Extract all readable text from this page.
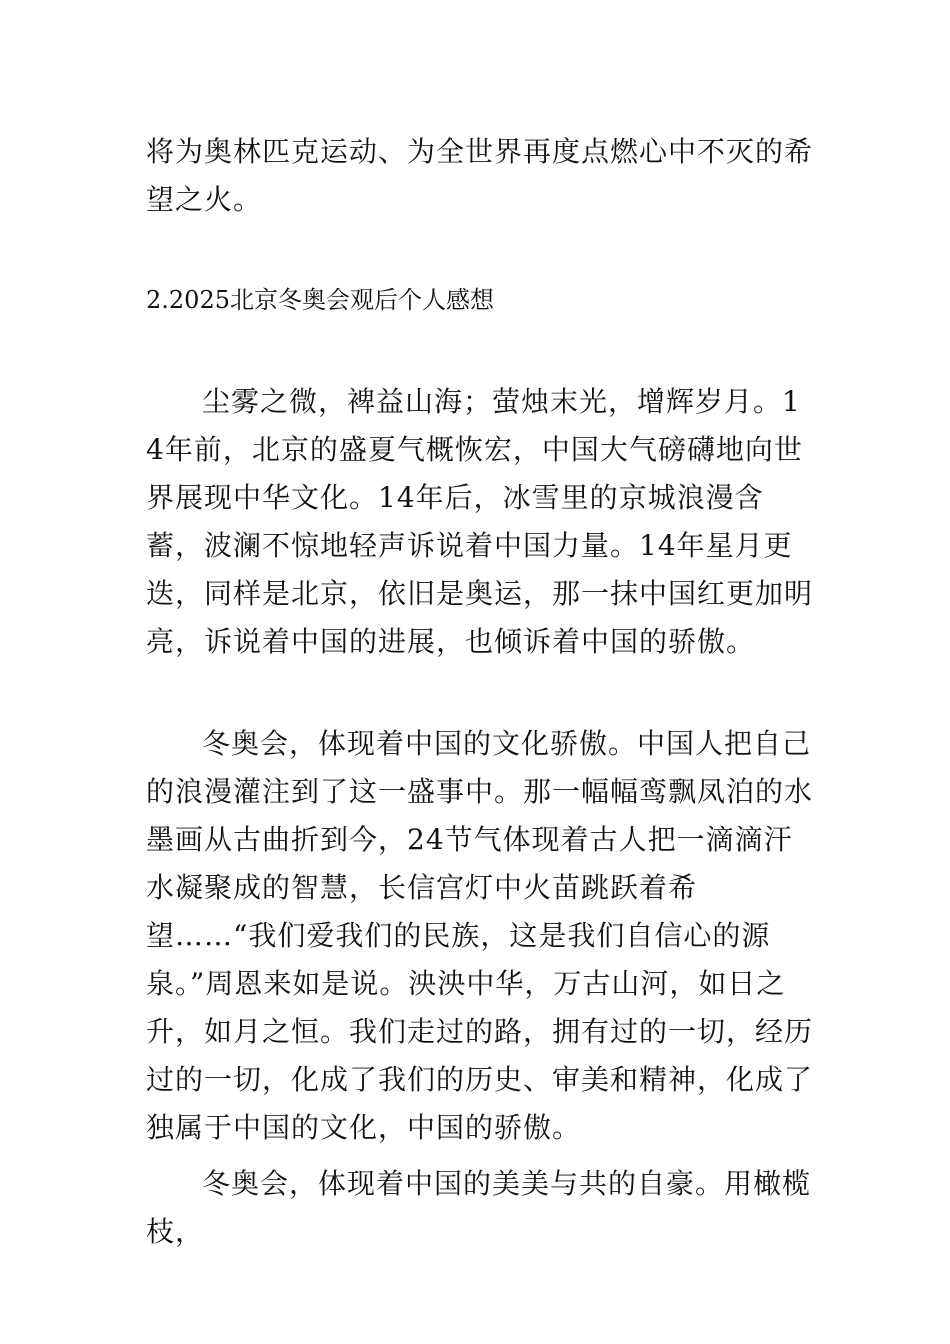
将为奥林匹克运动、为全世界再度点燃心中不灭的希望之火。

2.2025北京冬奥会观后个人感想

尘雾之微，裨益山海；萤烛末光，增辉岁月。14年前，北京的盛夏气概恢宏，中国大气磅礴地向世界展现中华文化。14年后，冰雪里的京城浪漫含蓄，波澜不惊地轻声诉说着中国力量。14年星月更迭，同样是北京，依旧是奥运，那一抹中国红更加明亮，诉说着中国的进展，也倾诉着中国的骄傲。

冬奥会，体现着中国的文化骄傲。中国人把自己的浪漫灌注到了这一盛事中。那一幅幅鸾飘凤泊的水墨画从古曲折到今，24节气体现着古人把一滴滴汗水凝聚成的智慧，长信宫灯中火苗跳跃着希望……“我们爱我们的民族，这是我们自信心的源泉。”周恩来如是说。泱泱中华，万古山河，如日之升，如月之恒。我们走过的路，拥有过的一切，经历过的一切，化成了我们的历史、审美和精神，化成了独属于中国的文化，中国的骄傲。

冬奥会，体现着中国的美美与共的自豪。用橄榄枝，
